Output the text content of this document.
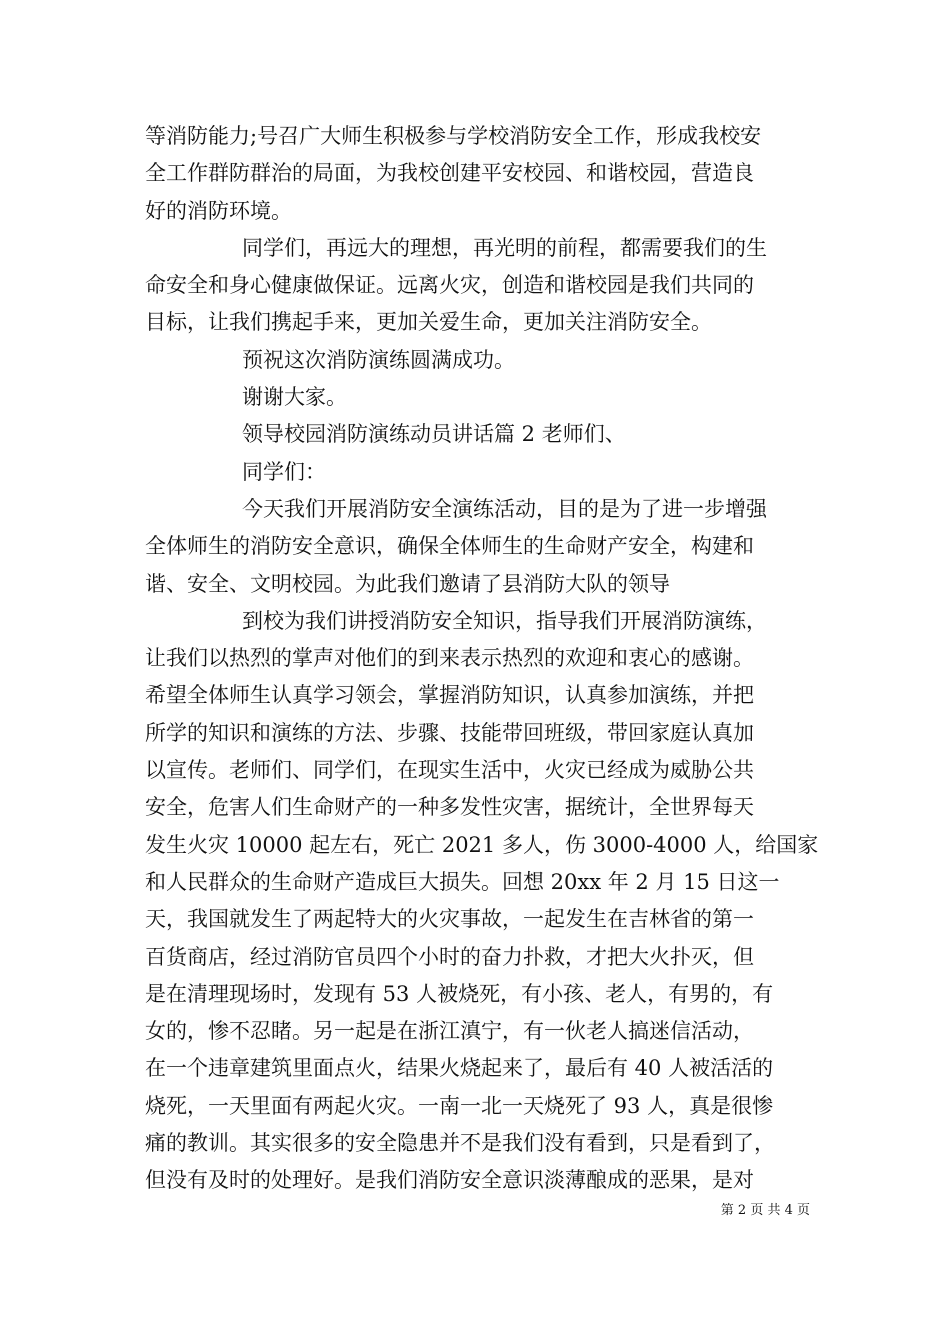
等消防能力;号召广大师生积极参与学校消防安全工作，形成我校安
全工作群防群治的局面，为我校创建平安校园、和谐校园，营造良
好的消防环境。
同学们，再远大的理想，再光明的前程，都需要我们的生
命安全和身心健康做保证。远离火灾，创造和谐校园是我们共同的
目标，让我们携起手来，更加关爱生命，更加关注消防安全。
预祝这次消防演练圆满成功。
谢谢大家。
领导校园消防演练动员讲话篇 2 老师们、
同学们：
今天我们开展消防安全演练活动，目的是为了进一步增强
全体师生的消防安全意识，确保全体师生的生命财产安全，构建和
谐、安全、文明校园。为此我们邀请了县消防大队的领导
到校为我们讲授消防安全知识，指导我们开展消防演练，
让我们以热烈的掌声对他们的到来表示热烈的欢迎和衷心的感谢。
希望全体师生认真学习领会，掌握消防知识，认真参加演练，并把
所学的知识和演练的方法、步骤、技能带回班级，带回家庭认真加
以宣传。老师们、同学们，在现实生活中，火灾已经成为威胁公共
安全，危害人们生命财产的一种多发性灾害，据统计，全世界每天
发生火灾 10000 起左右，死亡 2021 多人，伤 3000-4000 人，给国家
和人民群众的生命财产造成巨大损失。回想 20xx 年 2 月 15 日这一
天，我国就发生了两起特大的火灾事故，一起发生在吉林省的第一
百货商店，经过消防官员四个小时的奋力扑救，才把大火扑灭，但
是在清理现场时，发现有 53 人被烧死，有小孩、老人，有男的，有
女的，惨不忍睹。另一起是在浙江滇宁，有一伙老人搞迷信活动，
在一个违章建筑里面点火，结果火烧起来了，最后有 40 人被活活的
烧死，一天里面有两起火灾。一南一北一天烧死了 93 人，真是很惨
痛的教训。其实很多的安全隐患并不是我们没有看到，只是看到了，
但没有及时的处理好。是我们消防安全意识淡薄酿成的恶果，是对
第 2 页 共 4 页
